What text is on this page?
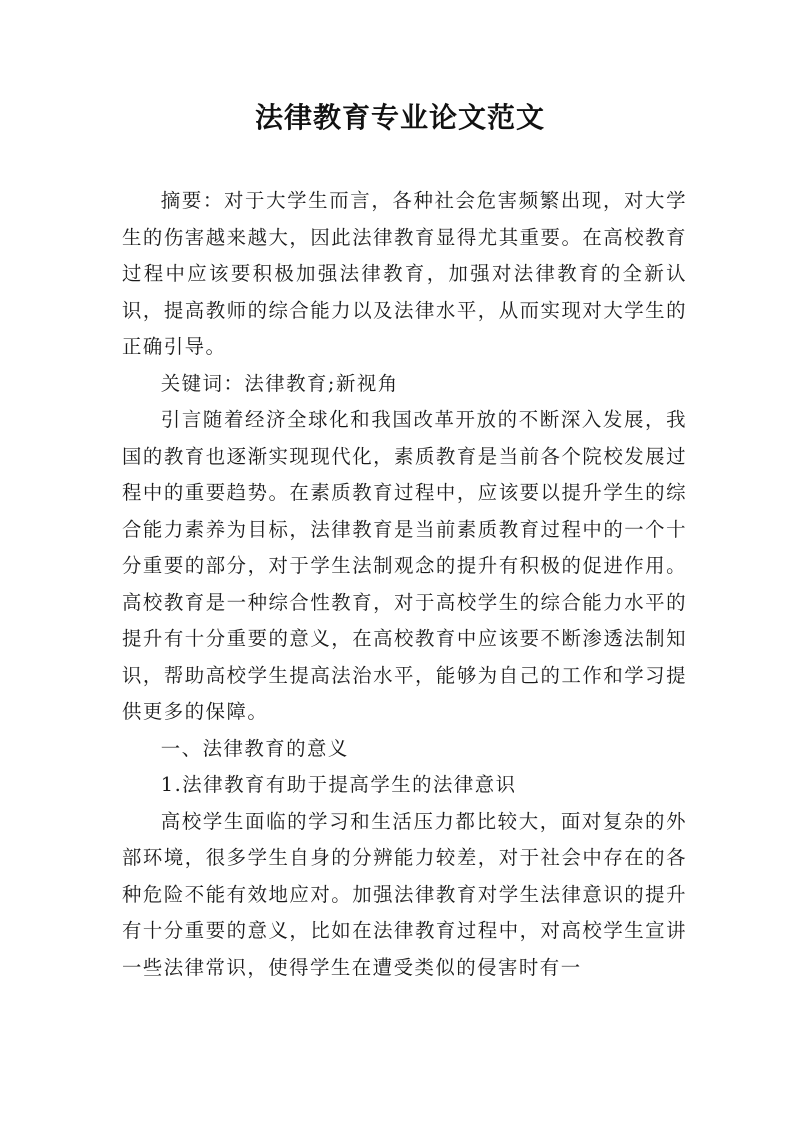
法律教育专业论文范文

摘要：对于大学生而言，各种社会危害频繁出现，对大学生的伤害越来越大，因此法律教育显得尤其重要。在高校教育过程中应该要积极加强法律教育，加强对法律教育的全新认识，提高教师的综合能力以及法律水平，从而实现对大学生的正确引导。

关键词：法律教育;新视角

引言随着经济全球化和我国改革开放的不断深入发展，我国的教育也逐渐实现现代化，素质教育是当前各个院校发展过程中的重要趋势。在素质教育过程中，应该要以提升学生的综合能力素养为目标，法律教育是当前素质教育过程中的一个十分重要的部分，对于学生法制观念的提升有积极的促进作用。高校教育是一种综合性教育，对于高校学生的综合能力水平的提升有十分重要的意义，在高校教育中应该要不断渗透法制知识，帮助高校学生提高法治水平，能够为自己的工作和学习提供更多的保障。

一、法律教育的意义

1.法律教育有助于提高学生的法律意识

高校学生面临的学习和生活压力都比较大，面对复杂的外部环境，很多学生自身的分辨能力较差，对于社会中存在的各种危险不能有效地应对。加强法律教育对学生法律意识的提升有十分重要的意义，比如在法律教育过程中，对高校学生宣讲一些法律常识，使得学生在遭受类似的侵害时有一
